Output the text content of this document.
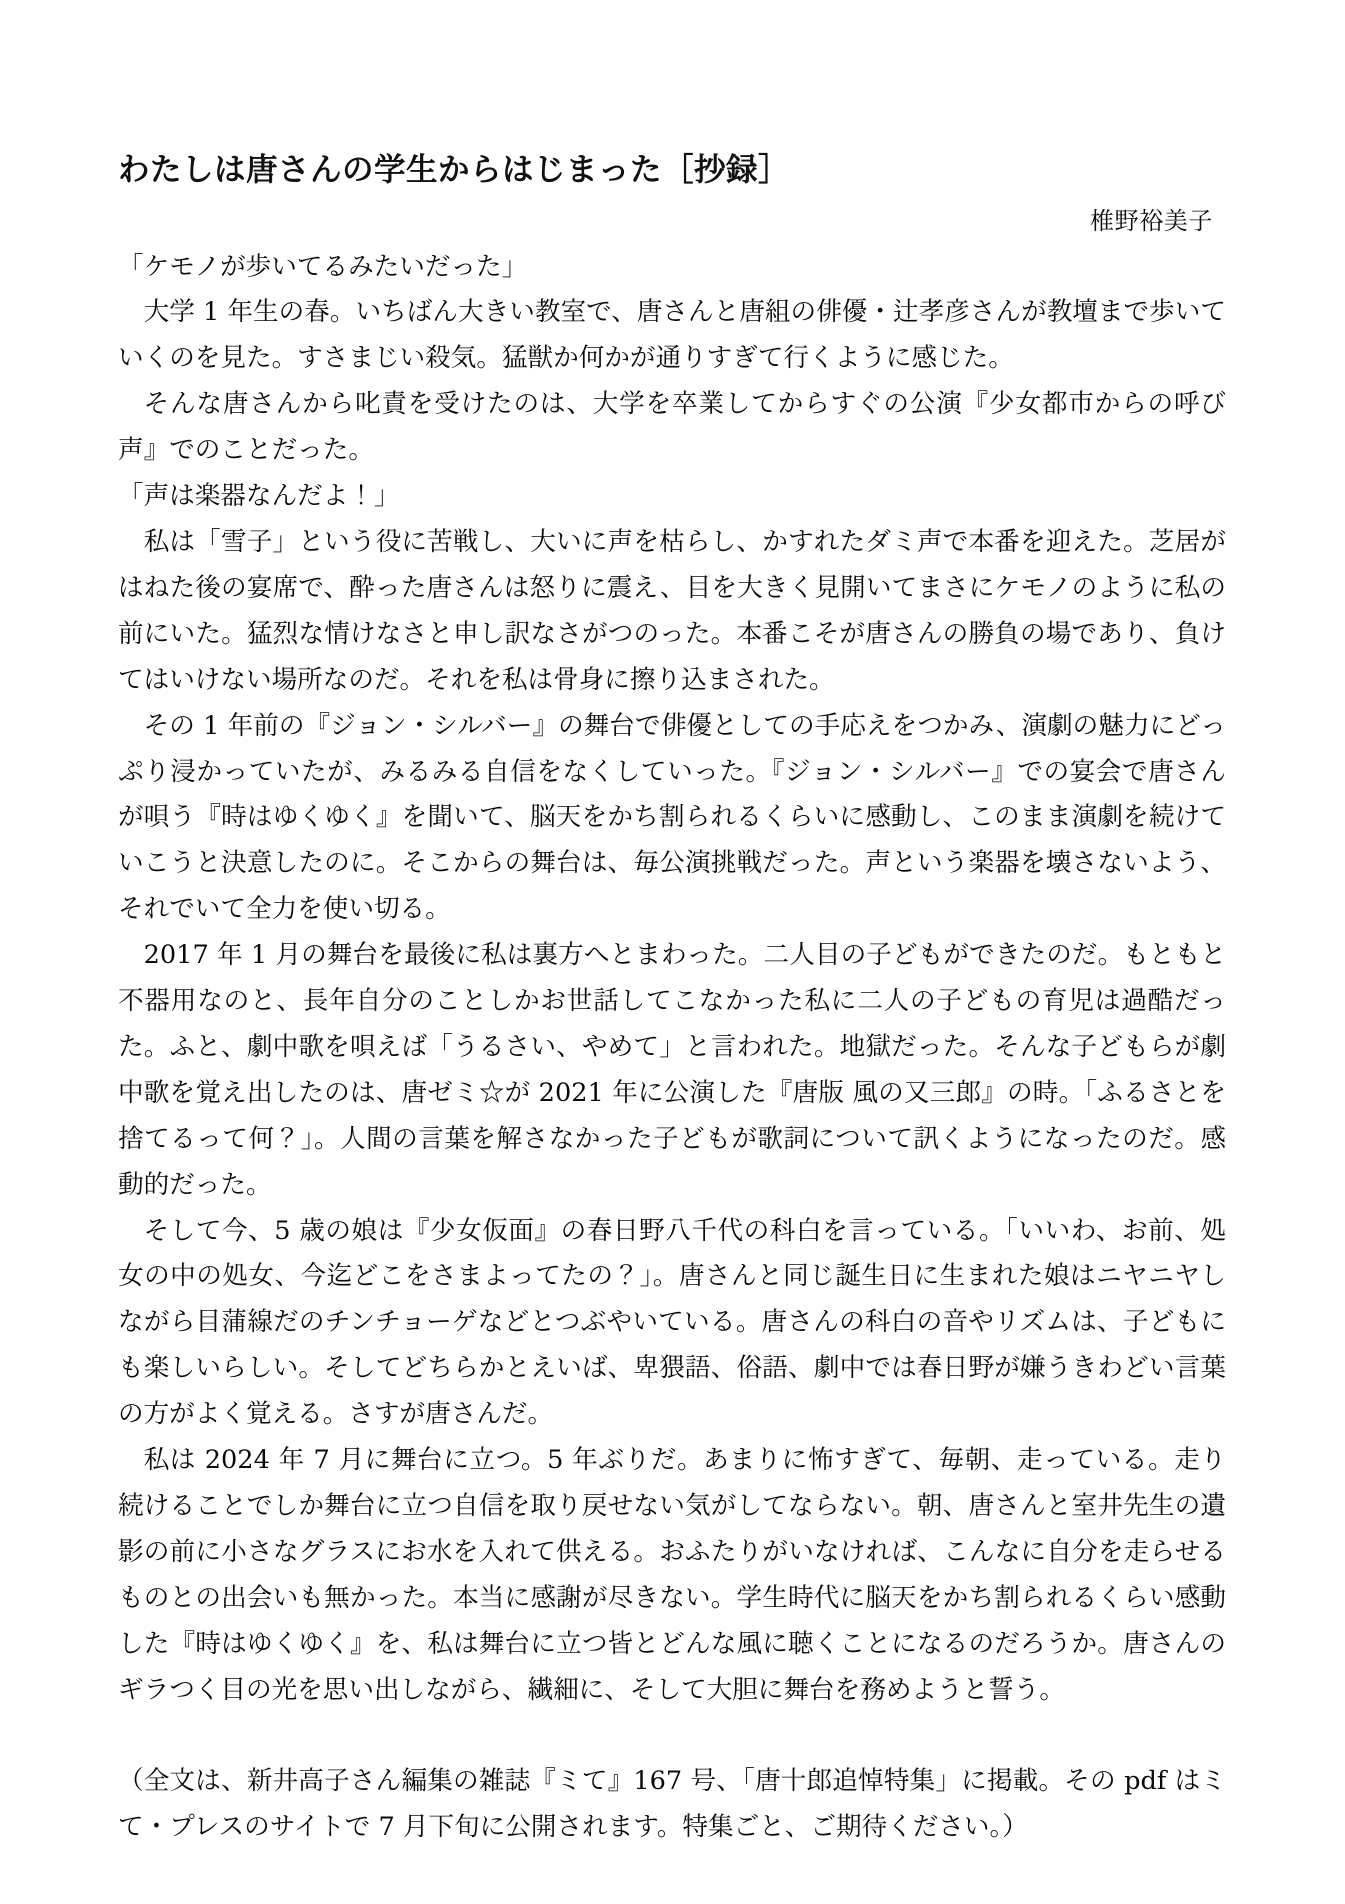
わたしは唐さんの学生からはじまった［抄録］
椎野裕美子

「ケモノが歩いてるみたいだった」

大学 1 年生の春。いちばん大きい教室で、唐さんと唐組の俳優・辻孝彦さんが教壇まで歩いていくのを見た。すさまじい殺気。猛獣か何かが通りすぎて行くように感じた。

そんな唐さんから叱責を受けたのは、大学を卒業してからすぐの公演『少女都市からの呼び声』でのことだった。

「声は楽器なんだよ！」

私は「雪子」という役に苦戦し、大いに声を枯らし、かすれたダミ声で本番を迎えた。芝居がはねた後の宴席で、酔った唐さんは怒りに震え、目を大きく見開いてまさにケモノのように私の前にいた。猛烈な情けなさと申し訳なさがつのった。本番こそが唐さんの勝負の場であり、負けてはいけない場所なのだ。それを私は骨身に擦り込まされた。

その 1 年前の『ジョン・シルバー』の舞台で俳優としての手応えをつかみ、演劇の魅力にどっぷり浸かっていたが、みるみる自信をなくしていった。『ジョン・シルバー』での宴会で唐さんが唄う『時はゆくゆく』を聞いて、脳天をかち割られるくらいに感動し、このまま演劇を続けていこうと決意したのに。そこからの舞台は、毎公演挑戦だった。声という楽器を壊さないよう、それでいて全力を使い切る。

2017 年 1 月の舞台を最後に私は裏方へとまわった。二人目の子どもができたのだ。もともと不器用なのと、長年自分のことしかお世話してこなかった私に二人の子どもの育児は過酷だった。ふと、劇中歌を唄えば「うるさい、やめて」と言われた。地獄だった。そんな子どもらが劇中歌を覚え出したのは、唐ゼミ☆が 2021 年に公演した『唐版 風の又三郎』の時。「ふるさとを捨てるって何？」。人間の言葉を解さなかった子どもが歌詞について訊くようになったのだ。感動的だった。

そして今、5 歳の娘は『少女仮面』の春日野八千代の科白を言っている。「いいわ、お前、処女の中の処女、今迄どこをさまよってたの？」。唐さんと同じ誕生日に生まれた娘はニヤニヤしながら目蒲線だのチンチョーゲなどとつぶやいている。唐さんの科白の音やリズムは、子どもにも楽しいらしい。そしてどちらかとえいば、卑猥語、俗語、劇中では春日野が嫌うきわどい言葉の方がよく覚える。さすが唐さんだ。

私は 2024 年 7 月に舞台に立つ。5 年ぶりだ。あまりに怖すぎて、毎朝、走っている。走り続けることでしか舞台に立つ自信を取り戻せない気がしてならない。朝、唐さんと室井先生の遺影の前に小さなグラスにお水を入れて供える。おふたりがいなければ、こんなに自分を走らせるものとの出会いも無かった。本当に感謝が尽きない。学生時代に脳天をかち割られるくらい感動した『時はゆくゆく』を、私は舞台に立つ皆とどんな風に聴くことになるのだろうか。唐さんのギラつく目の光を思い出しながら、繊細に、そして大胆に舞台を務めようと誓う。

（全文は、新井高子さん編集の雑誌『ミて』167 号、「唐十郎追悼特集」に掲載。その pdf はミて・プレスのサイトで 7 月下旬に公開されます。特集ごと、ご期待ください。）
